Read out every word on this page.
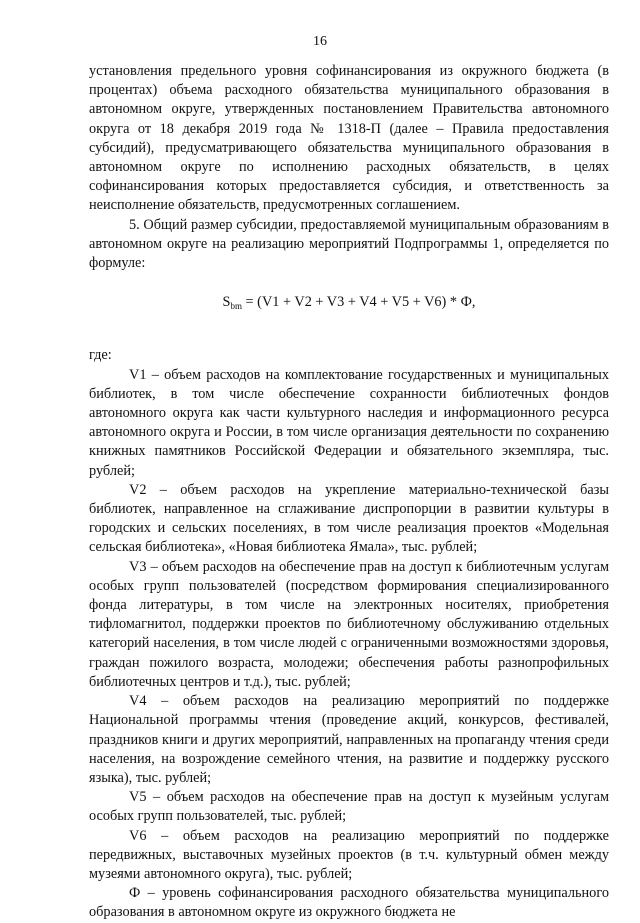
16

установления предельного уровня софинансирования из окружного бюджета (в процентах) объема расходного обязательства муниципального образования в автономном округе, утвержденных постановлением Правительства автономного округа от 18 декабря 2019 года № 1318-П (далее – Правила предоставления субсидий), предусматривающего обязательства муниципального образования в автономном округе по исполнению расходных обязательств, в целях софинансирования которых предоставляется субсидия, и ответственность за неисполнение обязательств, предусмотренных соглашением.

5. Общий размер субсидии, предоставляемой муниципальным образованиям в автономном округе на реализацию мероприятий Подпрограммы 1, определяется по формуле:

$S_{bm} = (V1 + V2 + V3 + V4 + V5 + V6) * Ф$,

где:

V1 – объем расходов на комплектование государственных и муниципальных библиотек, в том числе обеспечение сохранности библиотечных фондов автономного округа как части культурного наследия и информационного ресурса автономного округа и России, в том числе организация деятельности по сохранению книжных памятников Российской Федерации и обязательного экземпляра, тыс. рублей;

V2 – объем расходов на укрепление материально-технической базы библиотек, направленное на сглаживание диспропорции в развитии культуры в городских и сельских поселениях, в том числе реализация проектов «Модельная сельская библиотека», «Новая библиотека Ямала», тыс. рублей;

V3 – объем расходов на обеспечение прав на доступ к библиотечным услугам особых групп пользователей (посредством формирования специализированного фонда литературы, в том числе на электронных носителях, приобретения тифломагнитол, поддержки проектов по библиотечному обслуживанию отдельных категорий населения, в том числе людей с ограниченными возможностями здоровья, граждан пожилого возраста, молодежи; обеспечения работы разнопрофильных библиотечных центров и т.д.), тыс. рублей;

V4 – объем расходов на реализацию мероприятий по поддержке Национальной программы чтения (проведение акций, конкурсов, фестивалей, праздников книги и других мероприятий, направленных на пропаганду чтения среди населения, на возрождение семейного чтения, на развитие и поддержку русского языка), тыс. рублей;

V5 – объем расходов на обеспечение прав на доступ к музейным услугам особых групп пользователей, тыс. рублей;

V6 – объем расходов на реализацию мероприятий по поддержке передвижных, выставочных музейных проектов (в т.ч. культурный обмен между музеями автономного округа), тыс. рублей;

Ф – уровень софинансирования расходного обязательства муниципального образования в автономном округе из окружного бюджета не
